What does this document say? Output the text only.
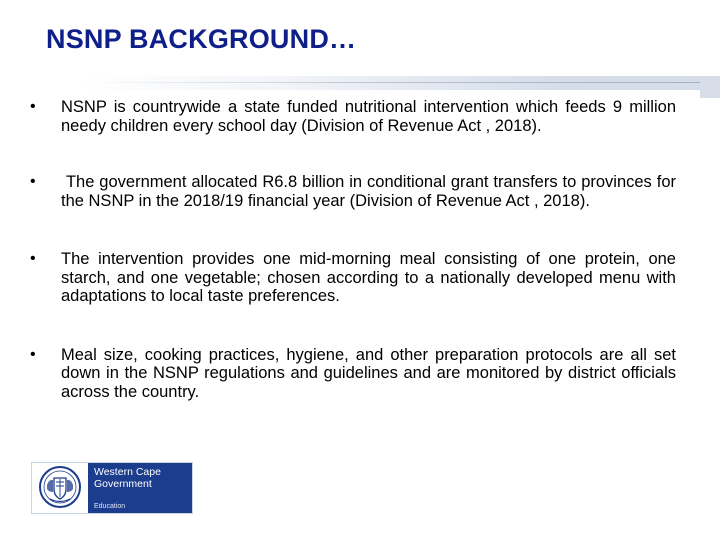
NSNP BACKGROUND…
• NSNP is countrywide a state funded nutritional intervention which feeds 9 million needy children every school day (Division of Revenue Act , 2018).
• The government allocated R6.8 billion in conditional grant transfers to provinces for the NSNP in the 2018/19 financial year (Division of Revenue Act , 2018).
• The intervention provides one mid-morning meal consisting of one protein, one starch, and one vegetable; chosen according to a nationally developed menu with adaptations to local taste preferences.
• Meal size, cooking practices, hygiene, and other preparation protocols are all set down in the NSNP regulations and guidelines and are monitored by district officials across the country.
Western Cape
Government
Education
